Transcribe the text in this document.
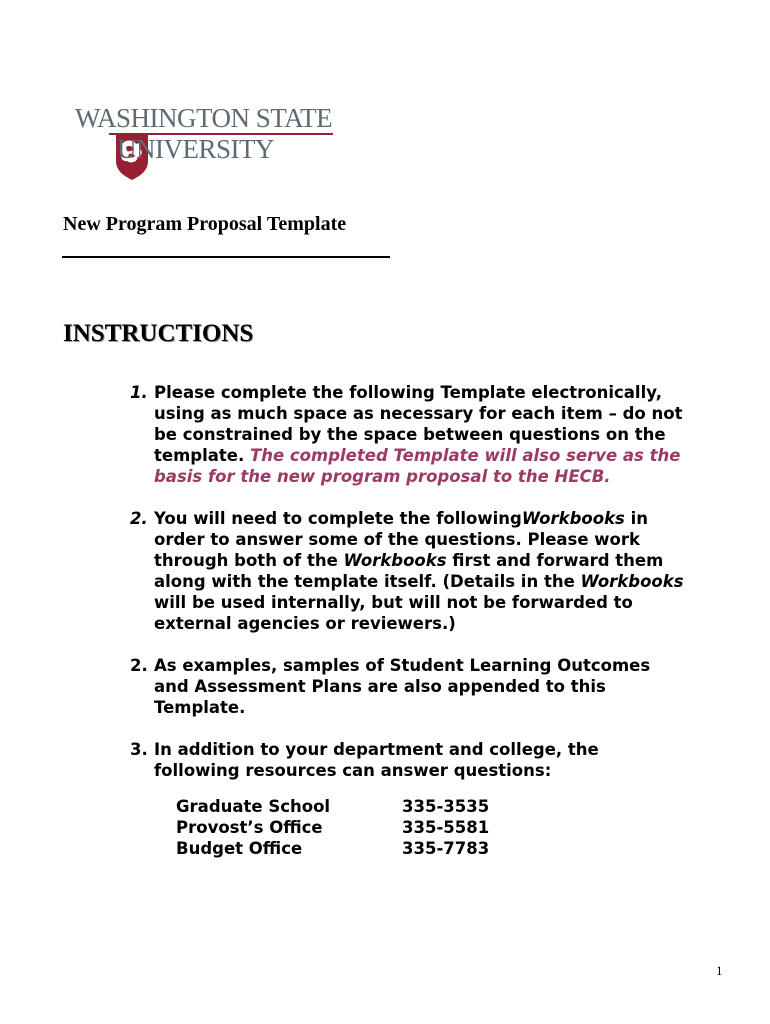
WASHINGTON STATE
UNIVERSITY
New Program Proposal Template
INSTRUCTIONS
1. Please complete the following Template electronically, using as much space as necessary for each item – do not be constrained by the space between questions on the template. The completed Template will also serve as the basis for the new program proposal to the HECB.
2. You will need to complete the followingWorkbooks in order to answer some of the questions. Please work through both of the Workbooks first and forward them along with the template itself. (Details in the Workbooks will be used internally, but will not be forwarded to external agencies or reviewers.)
2. As examples, samples of Student Learning Outcomes and Assessment Plans are also appended to this Template.
3. In addition to your department and college, the following resources can answer questions:
Graduate School	335-3535
Provost’s Office	335-5581
Budget Office	335-7783
1
